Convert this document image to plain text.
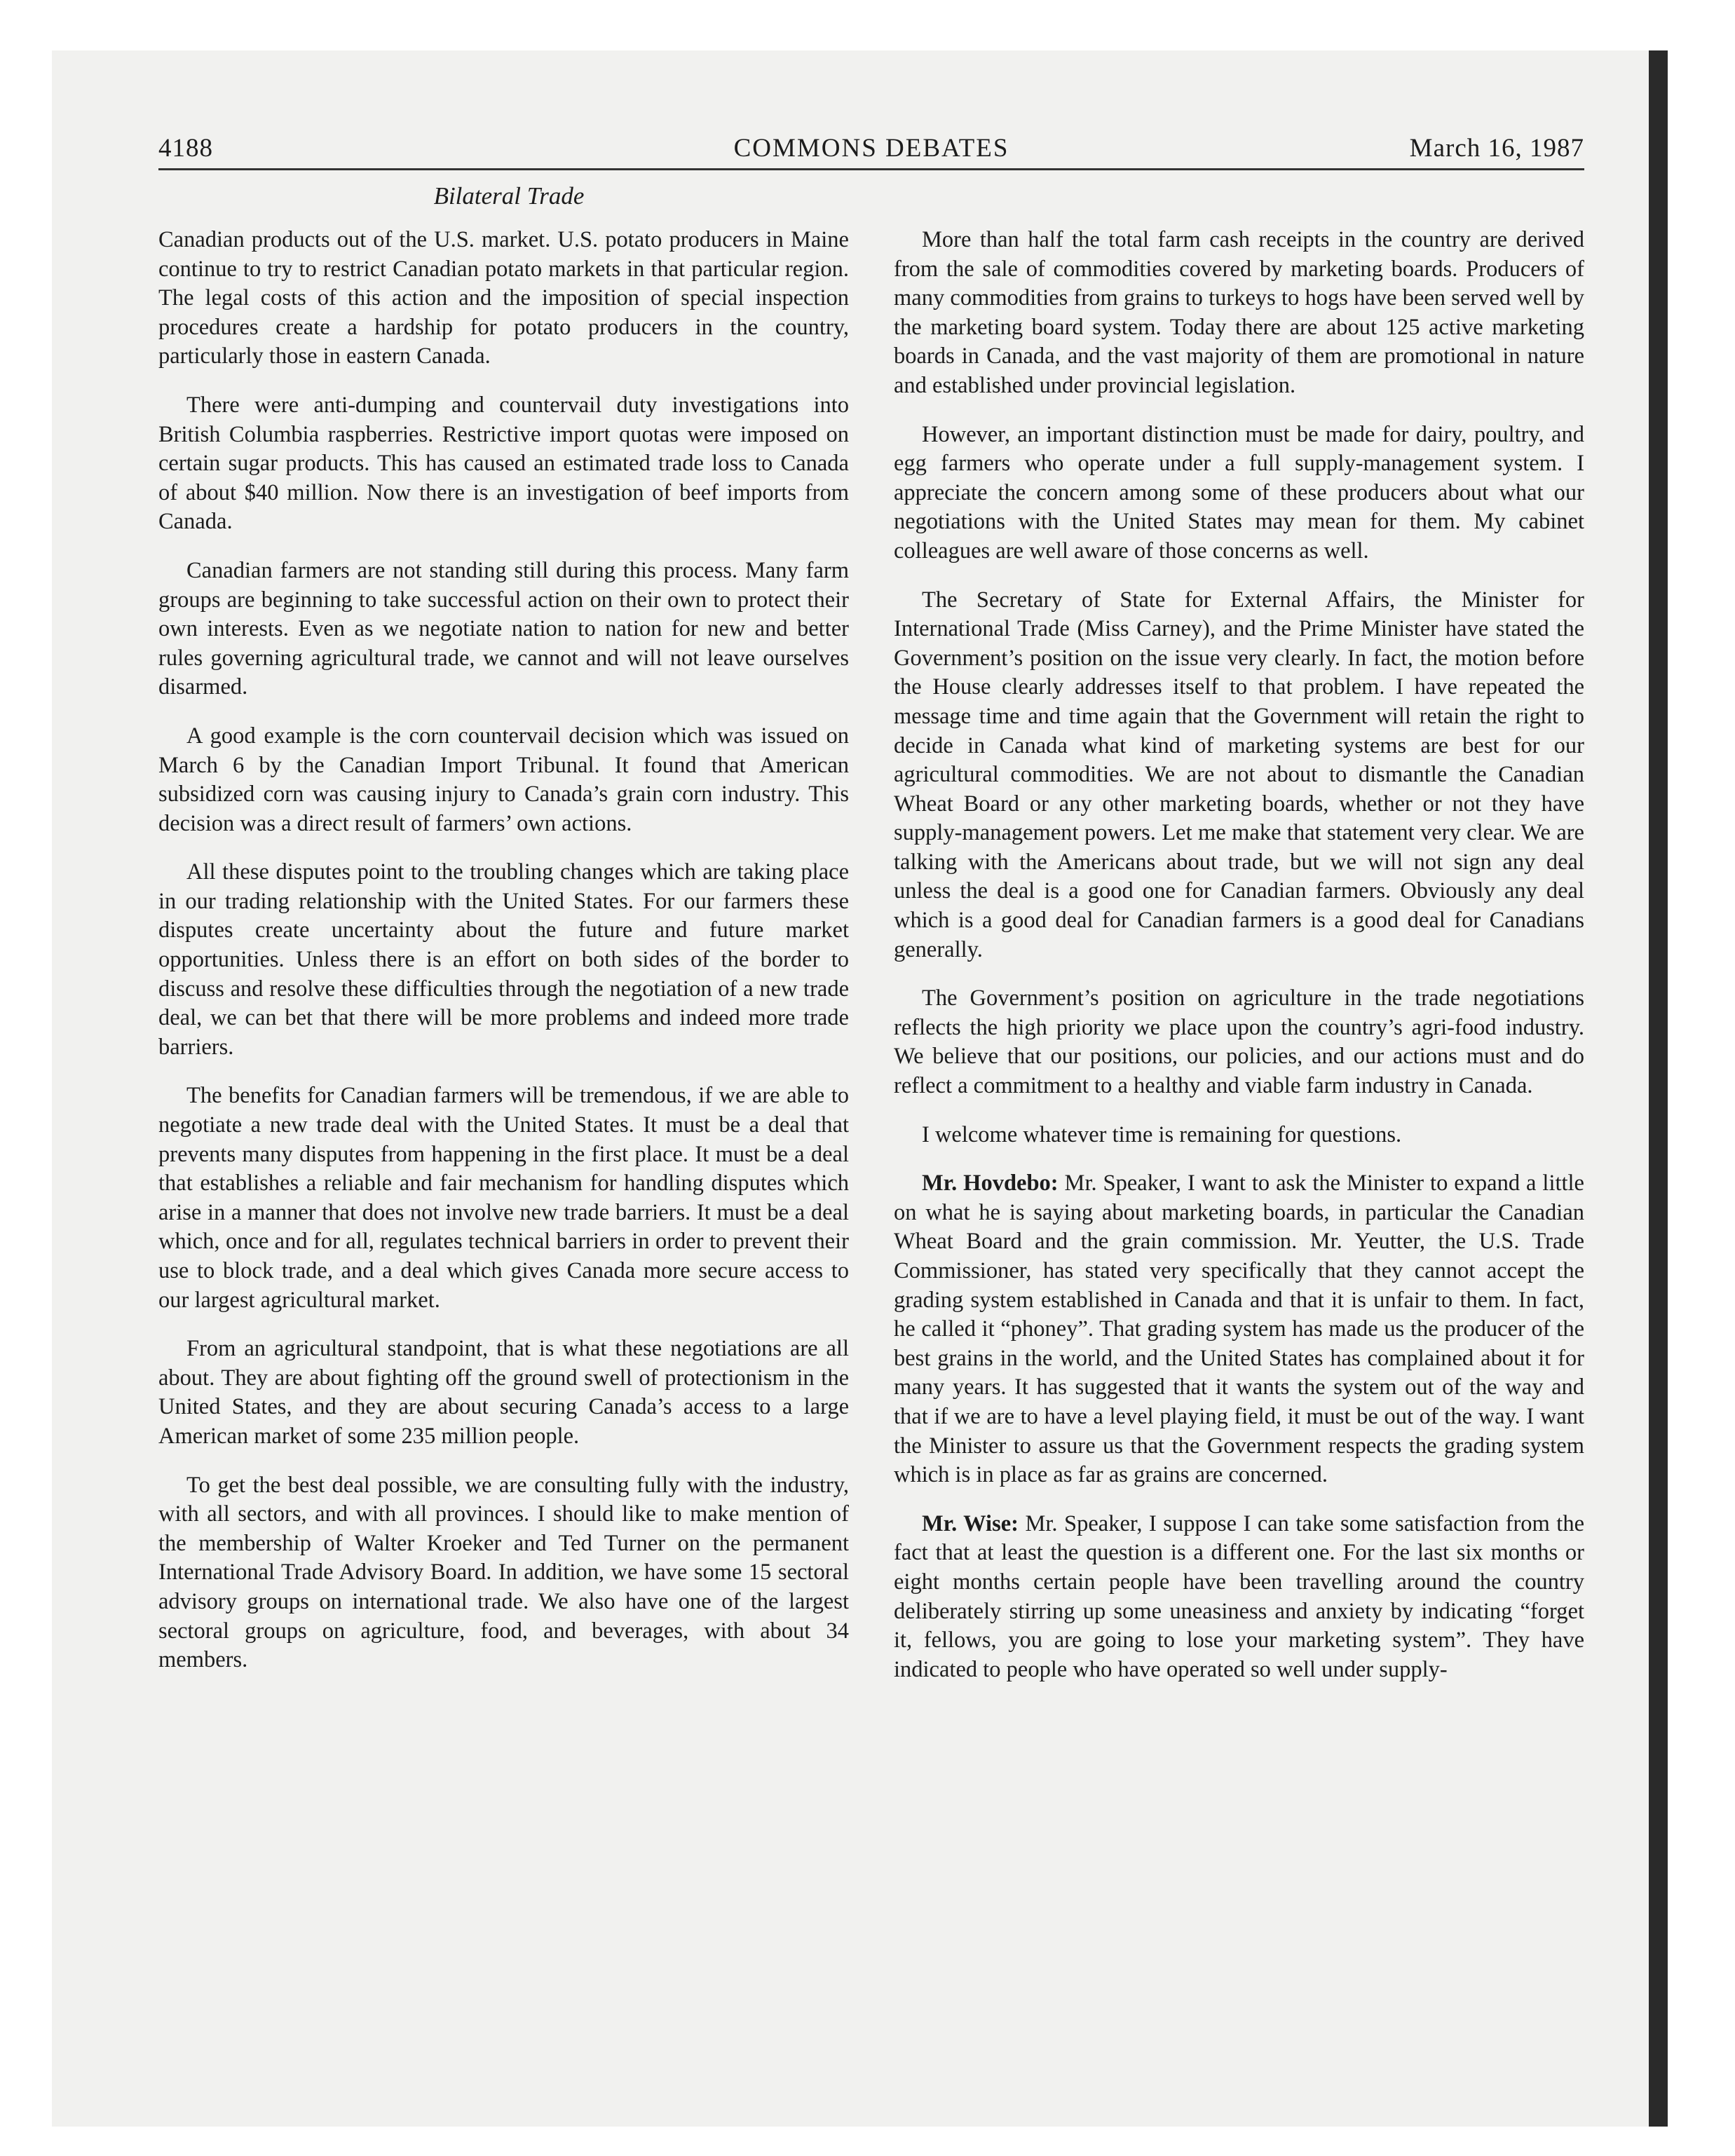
4188	COMMONS DEBATES	March 16, 1987
Bilateral Trade

Canadian products out of the U.S. market. U.S. potato producers in Maine continue to try to restrict Canadian potato markets in that particular region. The legal costs of this action and the imposition of special inspection procedures create a hardship for potato producers in the country, particularly those in eastern Canada.

There were anti-dumping and countervail duty investigations into British Columbia raspberries. Restrictive import quotas were imposed on certain sugar products. This has caused an estimated trade loss to Canada of about $40 million. Now there is an investigation of beef imports from Canada.

Canadian farmers are not standing still during this process. Many farm groups are beginning to take successful action on their own to protect their own interests. Even as we negotiate nation to nation for new and better rules governing agricultural trade, we cannot and will not leave ourselves disarmed.

A good example is the corn countervail decision which was issued on March 6 by the Canadian Import Tribunal. It found that American subsidized corn was causing injury to Canada’s grain corn industry. This decision was a direct result of farmers’ own actions.

All these disputes point to the troubling changes which are taking place in our trading relationship with the United States. For our farmers these disputes create uncertainty about the future and future market opportunities. Unless there is an effort on both sides of the border to discuss and resolve these difficulties through the negotiation of a new trade deal, we can bet that there will be more problems and indeed more trade barriers.

The benefits for Canadian farmers will be tremendous, if we are able to negotiate a new trade deal with the United States. It must be a deal that prevents many disputes from happening in the first place. It must be a deal that establishes a reliable and fair mechanism for handling disputes which arise in a manner that does not involve new trade barriers. It must be a deal which, once and for all, regulates technical barriers in order to prevent their use to block trade, and a deal which gives Canada more secure access to our largest agricultural market.

From an agricultural standpoint, that is what these negotiations are all about. They are about fighting off the ground swell of protectionism in the United States, and they are about securing Canada’s access to a large American market of some 235 million people.

To get the best deal possible, we are consulting fully with the industry, with all sectors, and with all provinces. I should like to make mention of the membership of Walter Kroeker and Ted Turner on the permanent International Trade Advisory Board. In addition, we have some 15 sectoral advisory groups on international trade. We also have one of the largest sectoral groups on agriculture, food, and beverages, with about 34 members.

More than half the total farm cash receipts in the country are derived from the sale of commodities covered by marketing boards. Producers of many commodities from grains to turkeys to hogs have been served well by the marketing board system. Today there are about 125 active marketing boards in Canada, and the vast majority of them are promotional in nature and established under provincial legislation.

However, an important distinction must be made for dairy, poultry, and egg farmers who operate under a full supply-management system. I appreciate the concern among some of these producers about what our negotiations with the United States may mean for them. My cabinet colleagues are well aware of those concerns as well.

The Secretary of State for External Affairs, the Minister for International Trade (Miss Carney), and the Prime Minister have stated the Government’s position on the issue very clearly. In fact, the motion before the House clearly addresses itself to that problem. I have repeated the message time and time again that the Government will retain the right to decide in Canada what kind of marketing systems are best for our agricultural commodities. We are not about to dismantle the Canadian Wheat Board or any other marketing boards, whether or not they have supply-management powers. Let me make that statement very clear. We are talking with the Americans about trade, but we will not sign any deal unless the deal is a good one for Canadian farmers. Obviously any deal which is a good deal for Canadian farmers is a good deal for Canadians generally.

The Government’s position on agriculture in the trade negotiations reflects the high priority we place upon the country’s agri-food industry. We believe that our positions, our policies, and our actions must and do reflect a commitment to a healthy and viable farm industry in Canada.

I welcome whatever time is remaining for questions.

Mr. Hovdebo: Mr. Speaker, I want to ask the Minister to expand a little on what he is saying about marketing boards, in particular the Canadian Wheat Board and the grain commission. Mr. Yeutter, the U.S. Trade Commissioner, has stated very specifically that they cannot accept the grading system established in Canada and that it is unfair to them. In fact, he called it “phoney”. That grading system has made us the producer of the best grains in the world, and the United States has complained about it for many years. It has suggested that it wants the system out of the way and that if we are to have a level playing field, it must be out of the way. I want the Minister to assure us that the Government respects the grading system which is in place as far as grains are concerned.

Mr. Wise: Mr. Speaker, I suppose I can take some satisfaction from the fact that at least the question is a different one. For the last six months or eight months certain people have been travelling around the country deliberately stirring up some uneasiness and anxiety by indicating “forget it, fellows, you are going to lose your marketing system”. They have indicated to people who have operated so well under supply-
